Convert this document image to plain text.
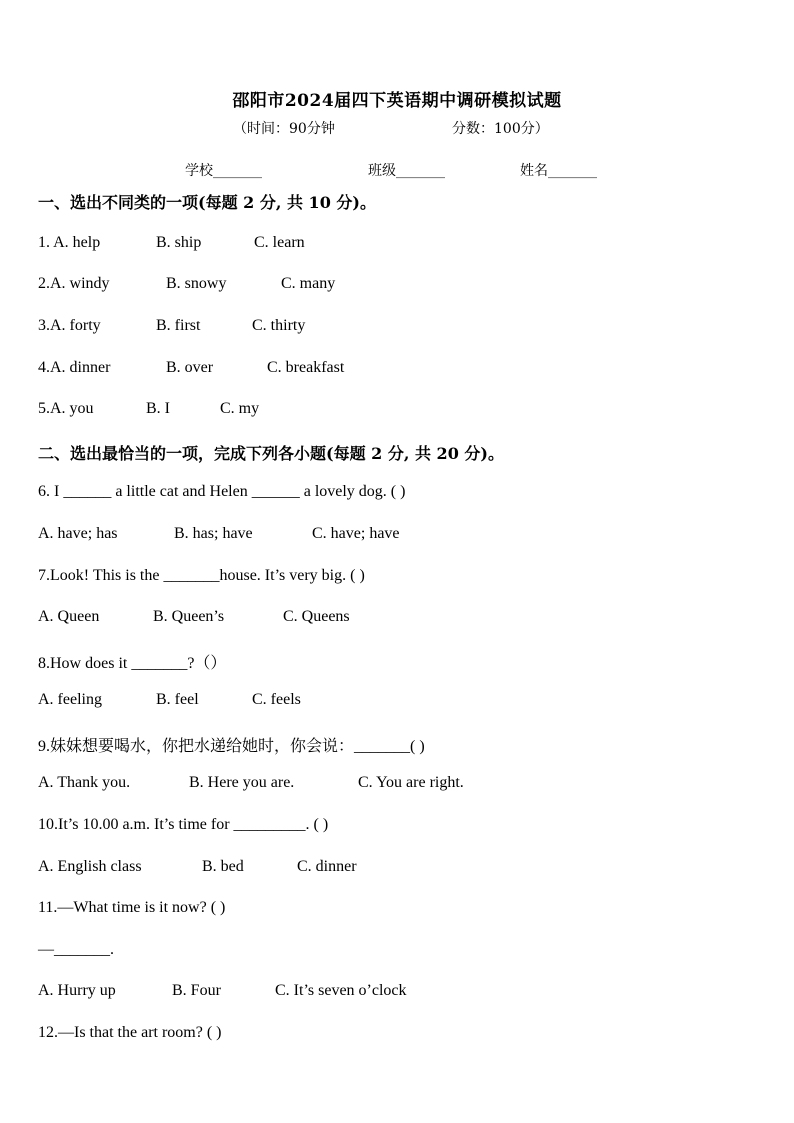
邵阳市2024届四下英语期中调研模拟试题
（时间：90分钟	分数：100分）
学校_______	班级_______	姓名_______
一、选出不同类的一项(每题 2 分, 共 10 分)。
1. A. help	B. ship	C. learn
2.A. windy	B. snowy	C. many
3.A. forty	B. first	C. thirty
4.A. dinner	B. over	C. breakfast
5.A. you	B. I	C. my
二、选出最恰当的一项，完成下列各小题(每题 2 分, 共 20 分)。
6. I ______ a little cat and Helen ______ a lovely dog. ( )
A. have; has	B. has; have	C. have; have
7.Look! This is the _______house. It’s very big. ( )
A. Queen	B. Queen’s	C. Queens
8.How does it _______?（）
A. feeling	B. feel	C. feels
9.妹妹想要喝水，你把水递给她时，你会说：_______( )
A. Thank you.	B. Here you are.	C. You are right.
10.It’s 10.00 a.m. It’s time for _________. ( )
A. English class	B. bed	C. dinner
11.—What time is it now? ( )
—_______.
A. Hurry up	B. Four	C. It’s seven o’clock
12.—Is that the art room? ( )
